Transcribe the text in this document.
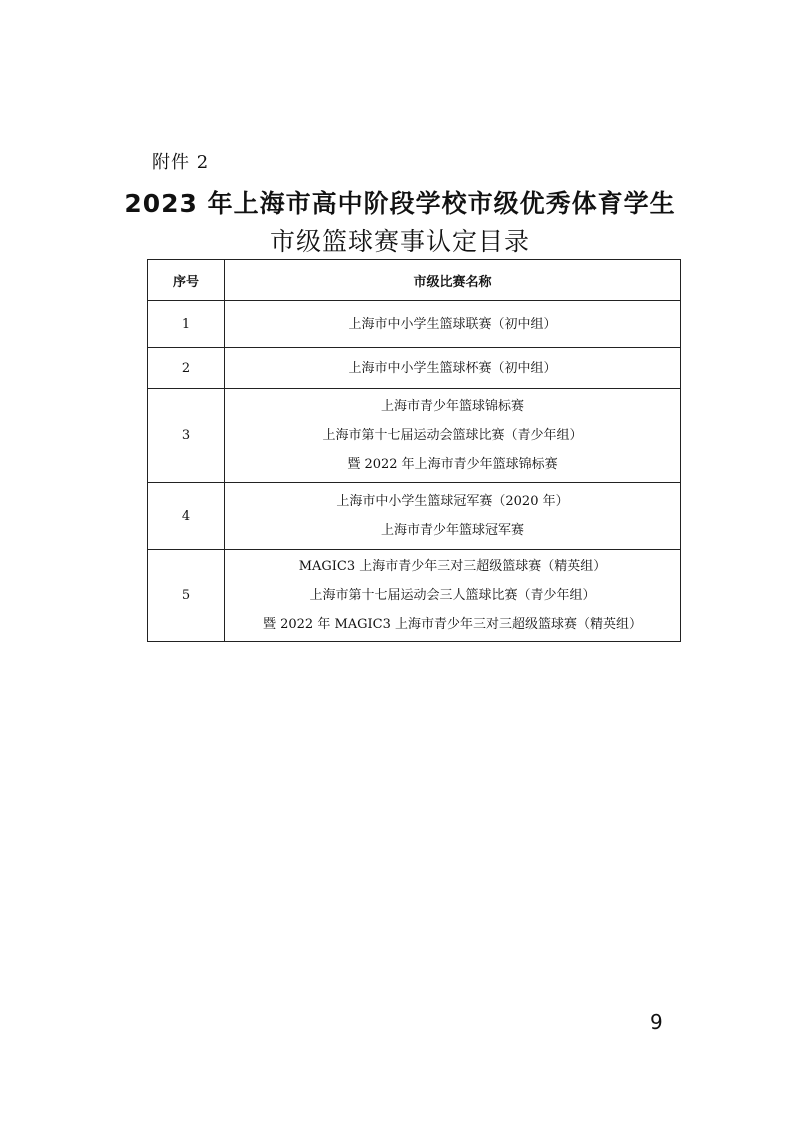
附件 2
2023 年上海市高中阶段学校市级优秀体育学生
市级篮球赛事认定目录
序号	市级比赛名称
1	上海市中小学生篮球联赛（初中组）

2	上海市中小学生篮球杯赛（初中组）

3	上海市青少年篮球锦标赛
上海市第十七届运动会篮球比赛（青少年组）
暨 2022 年上海市青少年篮球锦标赛

4	上海市中小学生篮球冠军赛（2020 年）
上海市青少年篮球冠军赛

5	MAGIC3 上海市青少年三对三超级篮球赛（精英组）
上海市第十七届运动会三人篮球比赛（青少年组）
暨 2022 年 MAGIC3 上海市青少年三对三超级篮球赛（精英组）
9
